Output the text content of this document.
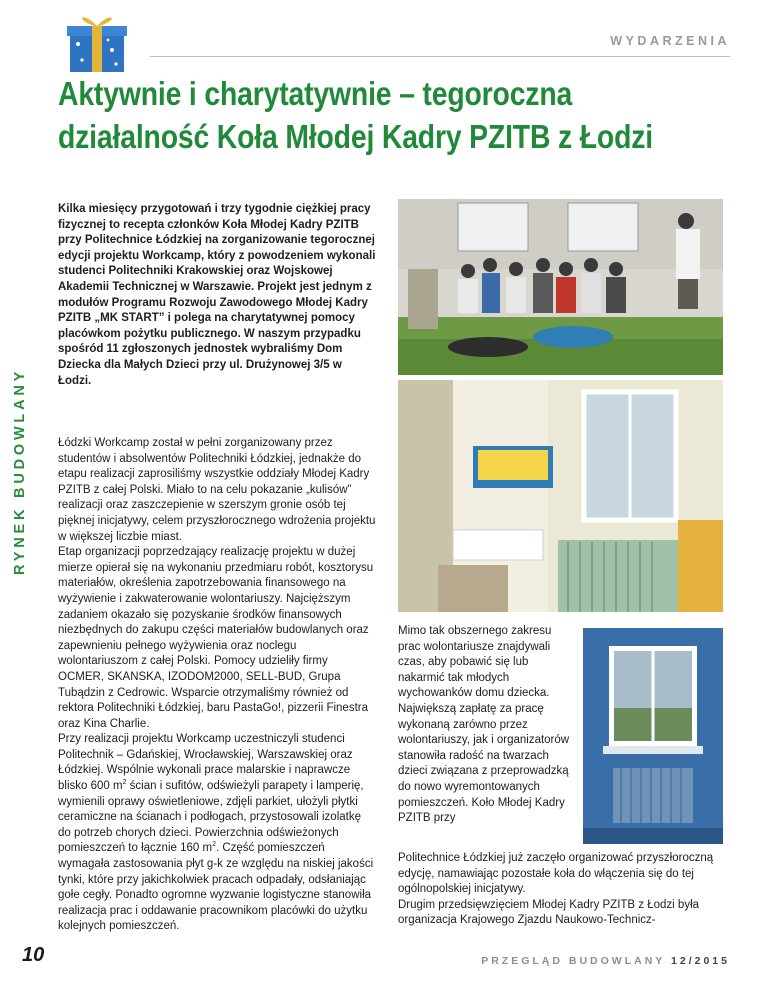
WYDARZENIA
Aktywnie i charytatywnie – tegoroczna
działalność Koła Młodej Kadry PZITB z Łodzi
RYNEK BUDOWLANY

Kilka miesięcy przygotowań i trzy tygodnie ciężkiej pracy fizycznej to recepta członków Koła Młodej Kadry PZITB przy Politechnice Łódzkiej na zorganizowanie tegorocznej edycji projektu Workcamp, który z powodzeniem wykonali studenci Politechniki Krakowskiej oraz Wojskowej Akademii Technicznej w Warszawie. Projekt jest jednym z modułów Programu Rozwoju Zawodowego Młodej Kadry PZITB „MK START” i polega na charytatywnej pomocy placówkom pożytku publicznego. W naszym przypadku spośród 11 zgłoszonych jednostek wybraliśmy Dom Dziecka dla Małych Dzieci przy ul. Drużynowej 3/5 w Łodzi.

Łódzki Workcamp został w pełni zorganizowany przez studentów i absolwentów Politechniki Łódzkiej, jednakże do etapu realizacji zaprosiliśmy wszystkie oddziały Młodej Kadry PZITB z całej Polski. Miało to na celu pokazanie „kulisów” realizacji oraz zaszczepienie w szerszym gronie osób tej pięknej inicjatywy, celem przyszłorocznego wdrożenia projektu w większej liczbie miast.

Etap organizacji poprzedzający realizację projektu w dużej mierze opierał się na wykonaniu przedmiaru robót, kosztorysu materiałów, określenia zapotrzebowania finansowego na wyżywienie i zakwaterowanie wolontariuszy. Najcięższym zadaniem okazało się pozyskanie środków finansowych niezbędnych do zakupu części materiałów budowlanych oraz zapewnieniu pełnego wyżywienia oraz noclegu wolontariuszom z całej Polski. Pomocy udzieliły firmy OCMER, SKANSKA, IZODOM2000, SELL-BUD, Grupa Tubądzin z Cedrowic. Wsparcie otrzymaliśmy również od rektora Politechniki Łódzkiej, baru PastaGo!, pizzerii Finestra oraz Kina Charlie.

Przy realizacji projektu Workcamp uczestniczyli studenci Politechnik – Gdańskiej, Wrocławskiej, Warszawskiej oraz Łódzkiej. Wspólnie wykonali prace malarskie i naprawcze blisko 600 $m^2$ ścian i sufitów, odświeżyli parapety i lamperię, wymienili oprawy oświetleniowe, zdjęli parkiet, ułożyli płytki ceramiczne na ścianach i podłogach, przystosowali izolatkę do potrzeb chorych dzieci. Powierzchnia odświeżonych pomieszczeń to łącznie 160 $m^2$. Część pomieszczeń wymagała zastosowania płyt g-k ze względu na niskiej jakości tynki, które przy jakichkolwiek pracach odpadały, odsłaniając gołe cegły. Ponadto ogromne wyzwanie logistyczne stanowiła realizacja prac i oddawanie pracownikom placówki do użytku kolejnych pomieszczeń.

Mimo tak obszernego zakresu prac wolontariusze znajdywali czas, aby pobawić się lub nakarmić tak młodych wychowanków domu dziecka. Największą zapłatę za pracę wykonaną zarówno przez wolontariuszy, jak i organizatorów stanowiła radość na twarzach dzieci związana z przeprowadzką do nowo wyremontowanych pomieszczeń. Koło Młodej Kadry PZITB przy

Politechnice Łódzkiej już zaczęło organizować przyszłoroczną edycję, namawiając pozostałe koła do włączenia się do tej ogólnopolskiej inicjatywy.

Drugim przedsięwzięciem Młodej Kadry PZITB z Łodzi była organizacja Krajowego Zjazdu Naukowo-Technicz-

10	PRZEGLĄD BUDOWLANY 12/2015
